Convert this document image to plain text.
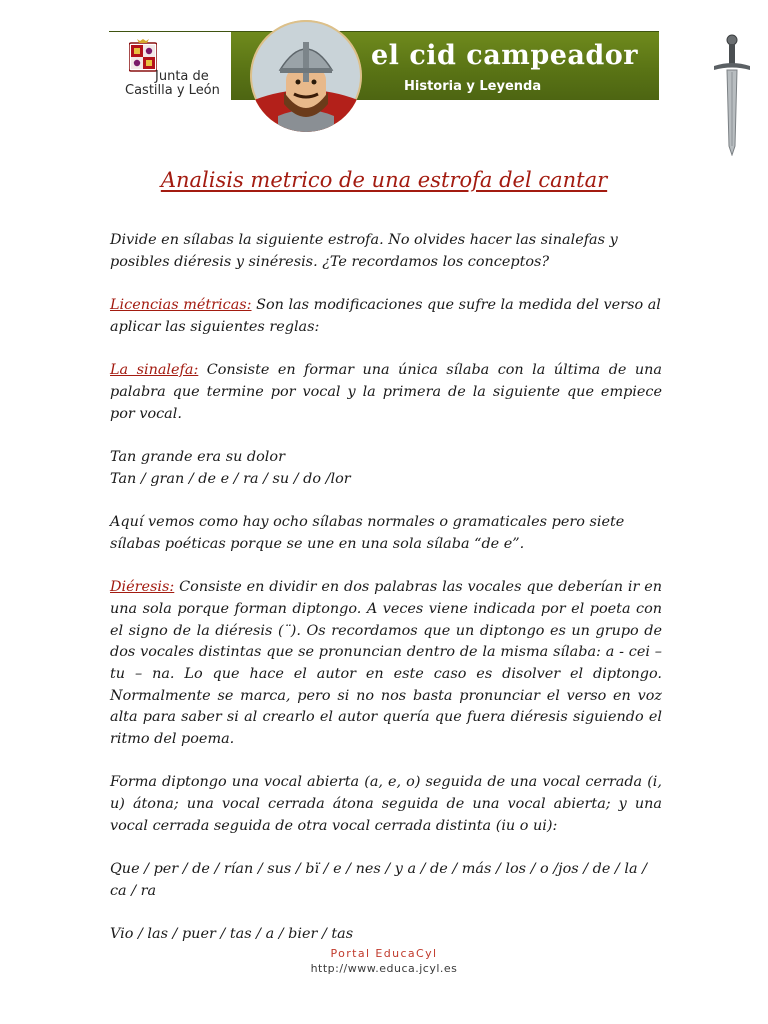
Junta de
Castilla y León
el cid campeador
Historia y Leyenda
Analisis metrico de una estrofa del cantar

Divide en sílabas la siguiente estrofa. No olvides hacer las sinalefas y posibles diéresis y sinéresis. ¿Te recordamos los conceptos?

Licencias métricas: Son las modificaciones que sufre la medida del verso al aplicar las siguientes reglas:

La sinalefa: Consiste en formar una única sílaba con la última de una palabra que termine por vocal y la primera de la siguiente que empiece por vocal.

Tan grande era su dolor
Tan / gran / de e / ra / su / do /lor

Aquí vemos como hay ocho sílabas normales o gramaticales pero siete sílabas poéticas porque se une en una sola sílaba “de e”.

Diéresis: Consiste en dividir en dos palabras las vocales que deberían ir en una sola porque forman diptongo. A veces viene indicada por el poeta con el signo de la diéresis (¨). Os recordamos que un diptongo es un grupo de dos vocales distintas que se pronuncian dentro de la misma sílaba: a - cei – tu – na. Lo que hace el autor en este caso es disolver el diptongo. Normalmente se marca, pero si no nos basta pronunciar el verso en voz alta para saber si al crearlo el autor quería que fuera diéresis siguiendo el ritmo del poema.

Forma diptongo una vocal abierta (a, e, o) seguida de una vocal cerrada (i, u) átona; una vocal cerrada átona seguida de una vocal abierta; y una vocal cerrada seguida de otra vocal cerrada distinta (iu o ui):

Que / per / de / rían / sus / bï / e / nes / y a / de / más / los / o /jos / de / la / ca / ra

Vio / las / puer / tas / a / bier / tas

Portal EducaCyl
http://www.educa.jcyl.es
